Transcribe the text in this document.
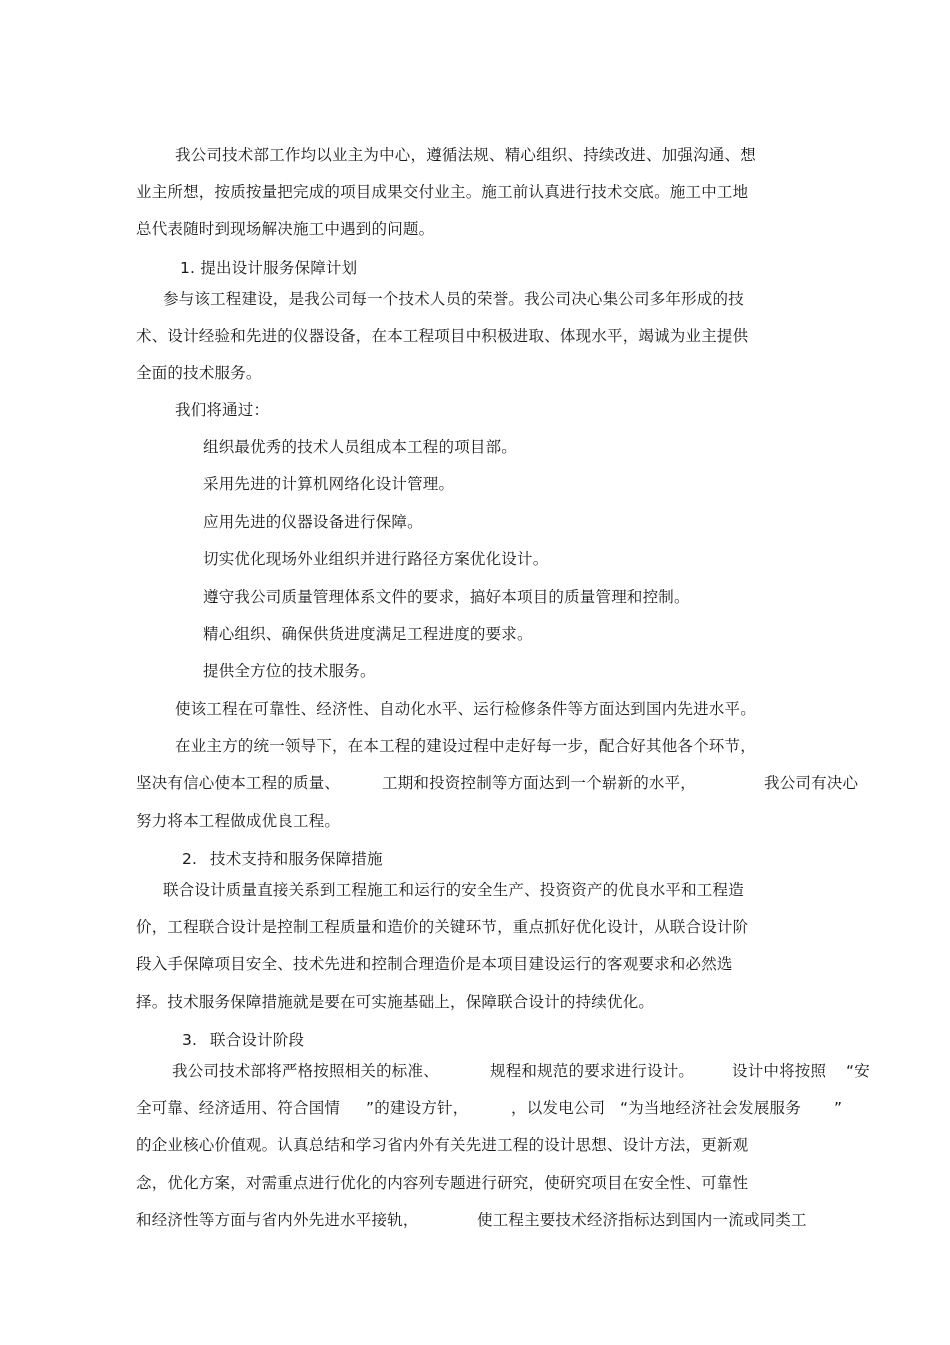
我公司技术部工作均以业主为中心，遵循法规、精心组织、持续改进、加强沟通、想
业主所想，按质按量把完成的项目成果交付业主。施工前认真进行技术交底。施工中工地
总代表随时到现场解决施工中遇到的问题。
1. 提出设计服务保障计划
参与该工程建设，是我公司每一个技术人员的荣誉。我公司决心集公司多年形成的技
术、设计经验和先进的仪器设备，在本工程项目中积极进取、体现水平，竭诚为业主提供
全面的技术服务。
我们将通过：
组织最优秀的技术人员组成本工程的项目部。
采用先进的计算机网络化设计管理。
应用先进的仪器设备进行保障。
切实优化现场外业组织并进行路径方案优化设计。
遵守我公司质量管理体系文件的要求，搞好本项目的质量管理和控制。
精心组织、确保供货进度满足工程进度的要求。
提供全方位的技术服务。
使该工程在可靠性、经济性、自动化水平、运行检修条件等方面达到国内先进水平。
在业主方的统一领导下，在本工程的建设过程中走好每一步，配合好其他各个环节，
坚决有信心使本工程的质量、	工期和投资控制等方面达到一个崭新的水平，	我公司有决心
努力将本工程做成优良工程。
2. 技术支持和服务保障措施
联合设计质量直接关系到工程施工和运行的安全生产、投资资产的优良水平和工程造
价，工程联合设计是控制工程质量和造价的关键环节，重点抓好优化设计，从联合设计阶
段入手保障项目安全、技术先进和控制合理造价是本项目建设运行的客观要求和必然选
择。技术服务保障措施就是要在可实施基础上，保障联合设计的持续优化。
3. 联合设计阶段
我公司技术部将严格按照相关的标准、	规程和规范的要求进行设计。 设计中将按照 “安
全可靠、经济适用、符合国情 ”的建设方针，	，以发电公司 “为当地经济社会发展服务 ”
的企业核心价值观。认真总结和学习省内外有关先进工程的设计思想、设计方法，更新观
念，优化方案，对需重点进行优化的内容列专题进行研究，使研究项目在安全性、可靠性
和经济性等方面与省内外先进水平接轨，	使工程主要技术经济指标达到国内一流或同类工
